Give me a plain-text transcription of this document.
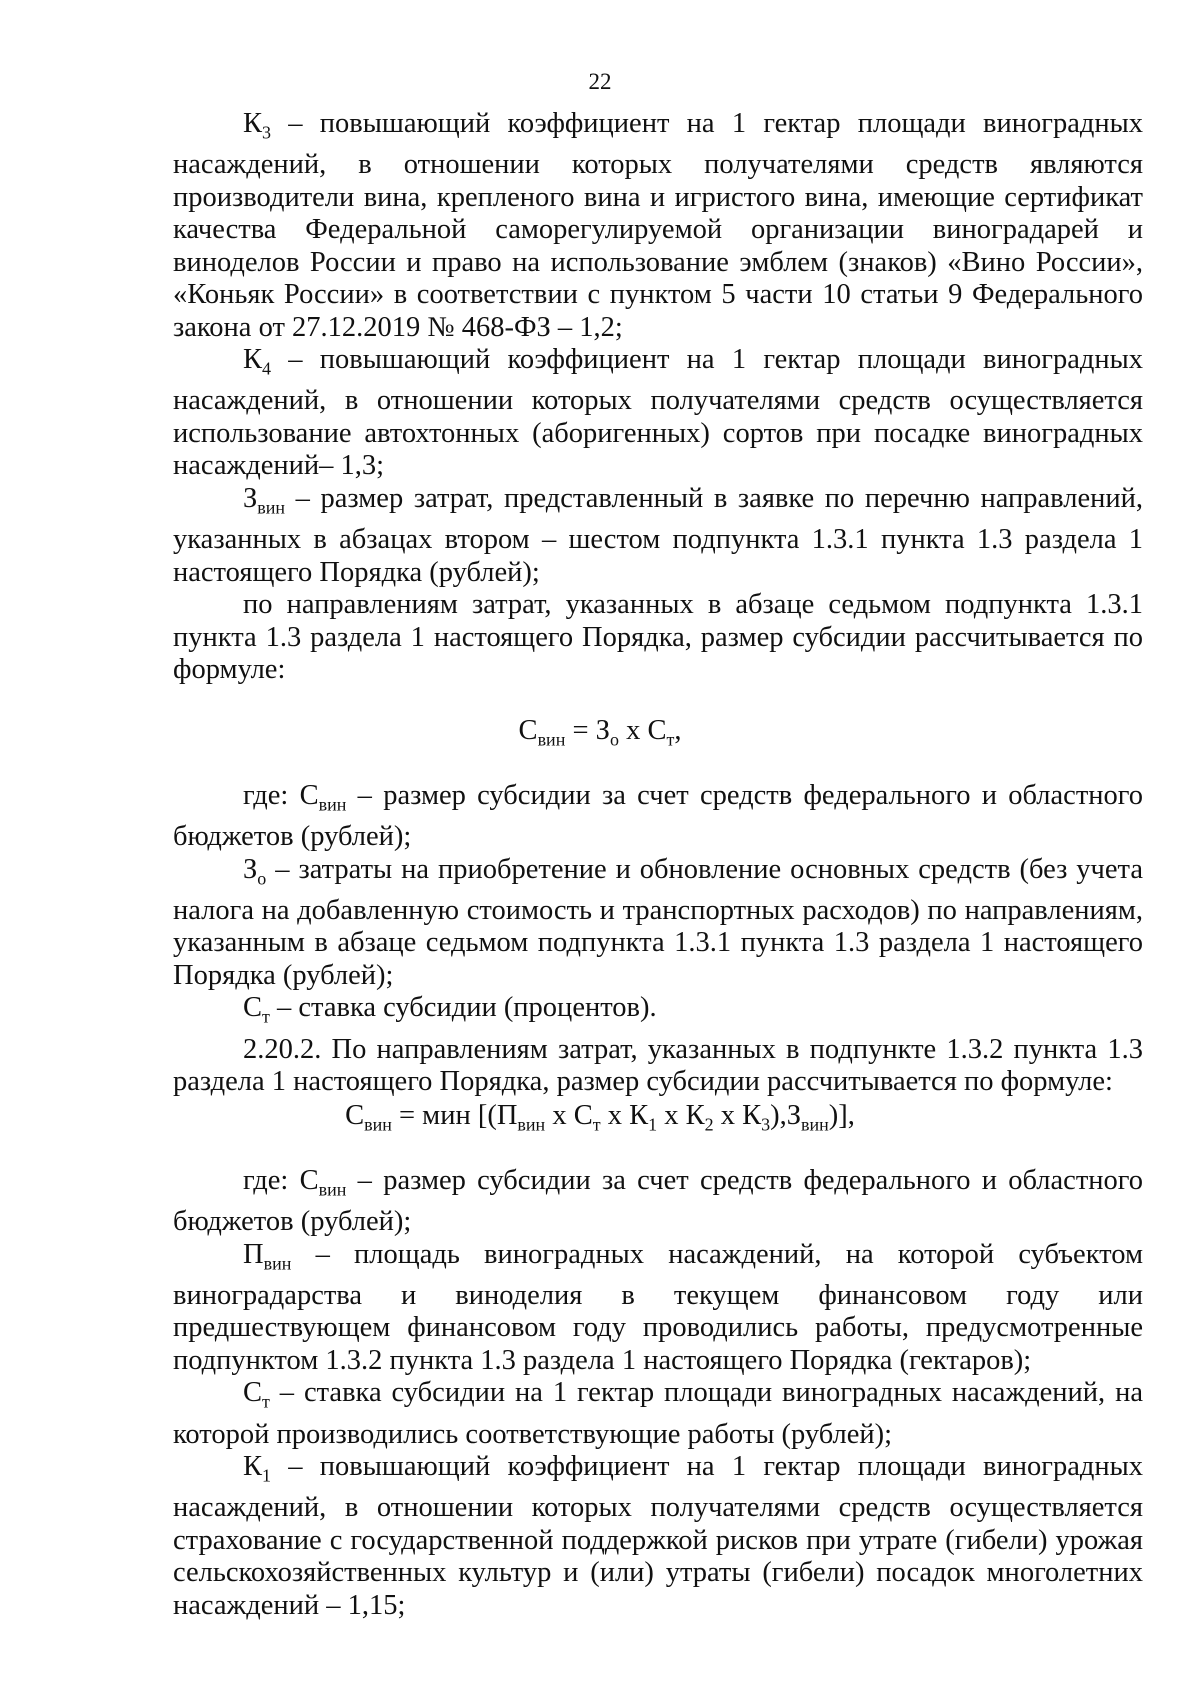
22

$К_3$ – повышающий коэффициент на 1 гектар площади виноградных насаждений, в отношении которых получателями средств являются производители вина, крепленого вина и игристого вина, имеющие сертификат качества Федеральной саморегулируемой организации виноградарей и виноделов России и право на использование эмблем (знаков) «Вино России», «Коньяк России» в соответствии с пунктом 5 части 10 статьи 9 Федерального закона от 27.12.2019 № 468-ФЗ – 1,2;

$К_4$ – повышающий коэффициент на 1 гектар площади виноградных насаждений, в отношении которых получателями средств осуществляется использование автохтонных (аборигенных) сортов при посадке виноградных насаждений– 1,3;

$З_{вин}$ – размер затрат, представленный в заявке по перечню направлений, указанных в абзацах втором – шестом подпункта 1.3.1 пункта 1.3 раздела 1 настоящего Порядка (рублей);

по направлениям затрат, указанных в абзаце седьмом подпункта 1.3.1 пункта 1.3 раздела 1 настоящего Порядка, размер субсидии рассчитывается по формуле:

$С_{вин} = З_о$ х $С_т$,

где: $С_{вин}$ – размер субсидии за счет средств федерального и областного бюджетов (рублей);

$З_о$ – затраты на приобретение и обновление основных средств (без учета налога на добавленную стоимость и транспортных расходов) по направлениям, указанным в абзаце седьмом подпункта 1.3.1 пункта 1.3 раздела 1 настоящего Порядка (рублей);

$С_т$ – ставка субсидии (процентов).

2.20.2. По направлениям затрат, указанных в подпункте 1.3.2 пункта 1.3 раздела 1 настоящего Порядка, размер субсидии рассчитывается по формуле:

$С_{вин}$ = мин [($П_{вин}$ х $С_т$ х $К_1$ х $К_2$ х $К_3),З_{вин}$)],

где: $С_{вин}$ – размер субсидии за счет средств федерального и областного бюджетов (рублей);

$П_{вин}$ – площадь виноградных насаждений, на которой субъектом виноградарства и виноделия в текущем финансовом году или предшествующем финансовом году проводились работы, предусмотренные подпунктом 1.3.2 пункта 1.3 раздела 1 настоящего Порядка (гектаров);

$С_т$ – ставка субсидии на 1 гектар площади виноградных насаждений, на которой производились соответствующие работы (рублей);

$К_1$ – повышающий коэффициент на 1 гектар площади виноградных насаждений, в отношении которых получателями средств осуществляется страхование с государственной поддержкой рисков при утрате (гибели) урожая сельскохозяйственных культур и (или) утраты (гибели) посадок многолетних насаждений – 1,15;
